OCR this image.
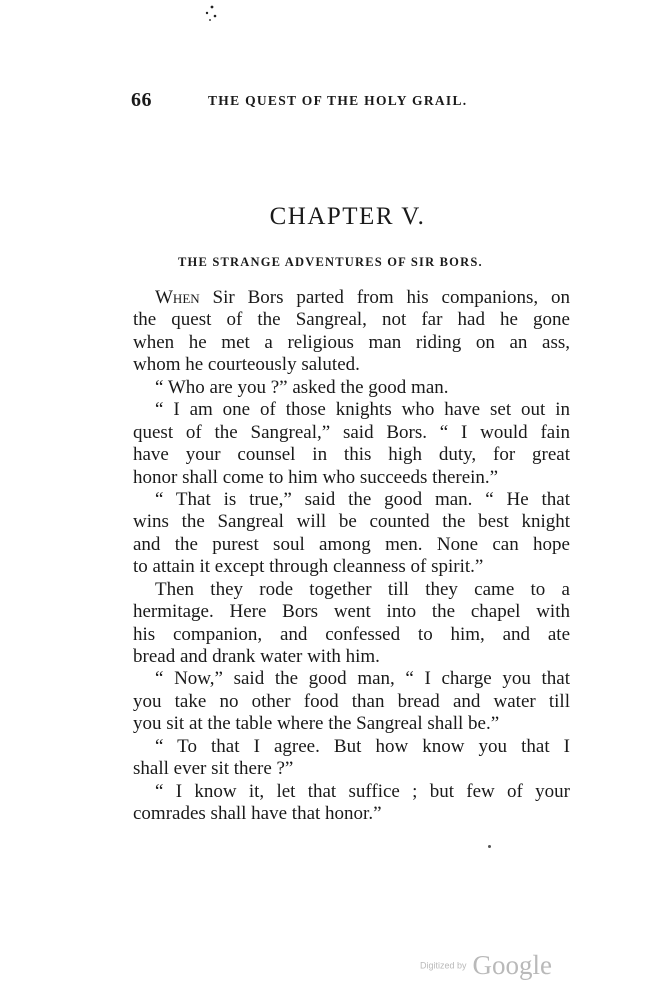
66	THE QUEST OF THE HOLY GRAIL.
CHAPTER V.
THE STRANGE ADVENTURES OF SIR BORS.
When Sir Bors parted from his companions, on
the quest of the Sangreal, not far had he gone
when he met a religious man riding on an ass,
whom he courteously saluted.
“ Who are you ?” asked the good man.
“ I am one of those knights who have set out in
quest of the Sangreal,” said Bors. “ I would fain
have your counsel in this high duty, for great
honor shall come to him who succeeds therein.”
“ That is true,” said the good man. “ He that
wins the Sangreal will be counted the best knight
and the purest soul among men. None can hope
to attain it except through cleanness of spirit.”
Then they rode together till they came to a
hermitage. Here Bors went into the chapel with
his companion, and confessed to him, and ate
bread and drank water with him.
“ Now,” said the good man, “ I charge you that
you take no other food than bread and water till
you sit at the table where the Sangreal shall be.”
“ To that I agree. But how know you that I
shall ever sit there ?”
“ I know it, let that suffice ; but few of your
comrades shall have that honor.”
Digitized by Google
